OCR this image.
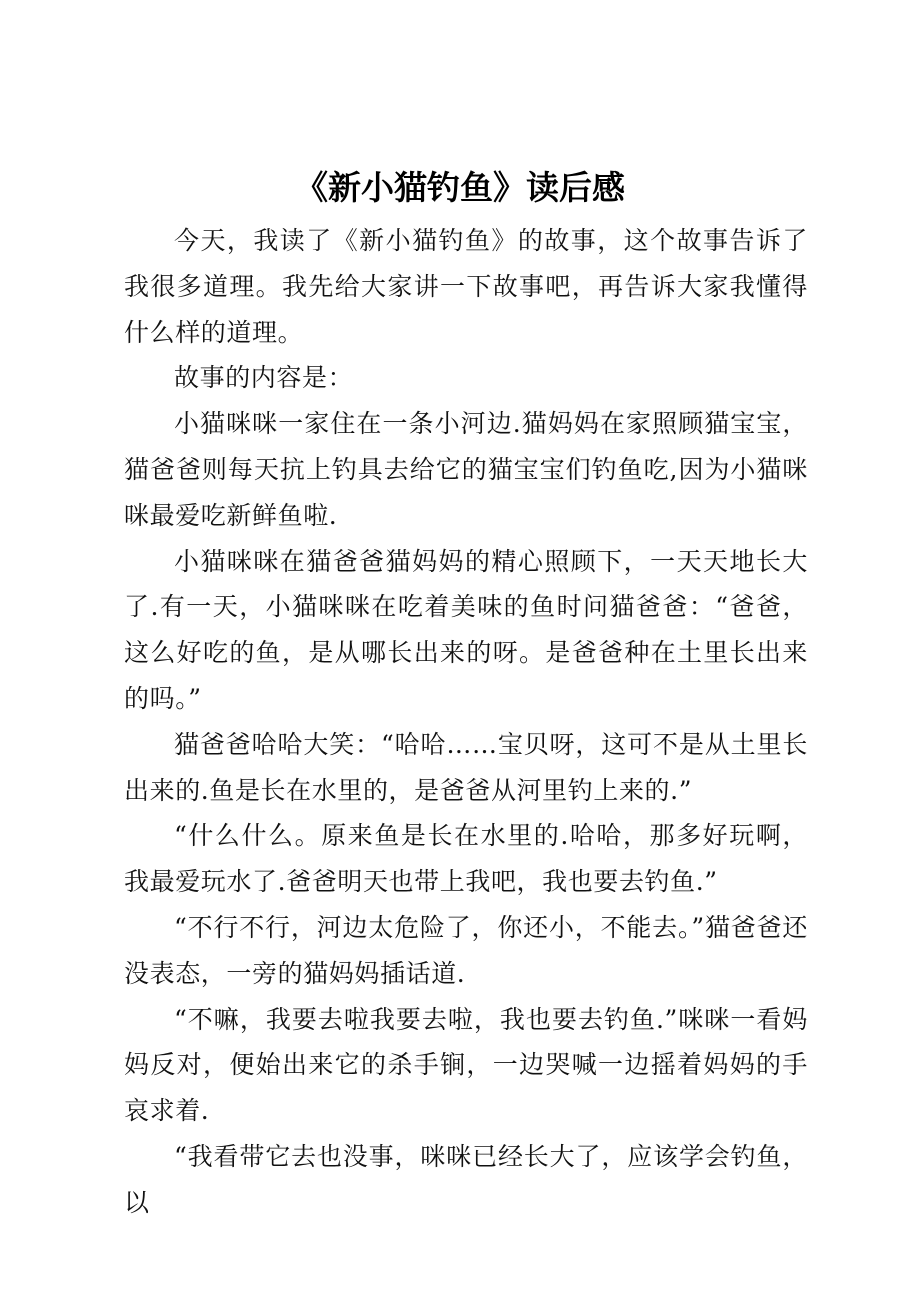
《新小猫钓鱼》读后感

今天，我读了《新小猫钓鱼》的故事，这个故事告诉了我很多道理。我先给大家讲一下故事吧，再告诉大家我懂得什么样的道理。

故事的内容是：

小猫咪咪一家住在一条小河边.猫妈妈在家照顾猫宝宝，猫爸爸则每天抗上钓具去给它的猫宝宝们钓鱼吃,因为小猫咪咪最爱吃新鲜鱼啦.

小猫咪咪在猫爸爸猫妈妈的精心照顾下，一天天地长大了.有一天，小猫咪咪在吃着美味的鱼时问猫爸爸：“爸爸，这么好吃的鱼，是从哪长出来的呀。是爸爸种在土里长出来的吗。”

猫爸爸哈哈大笑：“哈哈……宝贝呀，这可不是从土里长出来的.鱼是长在水里的，是爸爸从河里钓上来的.”

“什么什么。原来鱼是长在水里的.哈哈，那多好玩啊，我最爱玩水了.爸爸明天也带上我吧，我也要去钓鱼.”

“不行不行，河边太危险了，你还小，不能去。”猫爸爸还没表态，一旁的猫妈妈插话道.

“不嘛，我要去啦我要去啦，我也要去钓鱼.”咪咪一看妈妈反对，便始出来它的杀手锏，一边哭喊一边摇着妈妈的手哀求着.

“我看带它去也没事，咪咪已经长大了，应该学会钓鱼，以
